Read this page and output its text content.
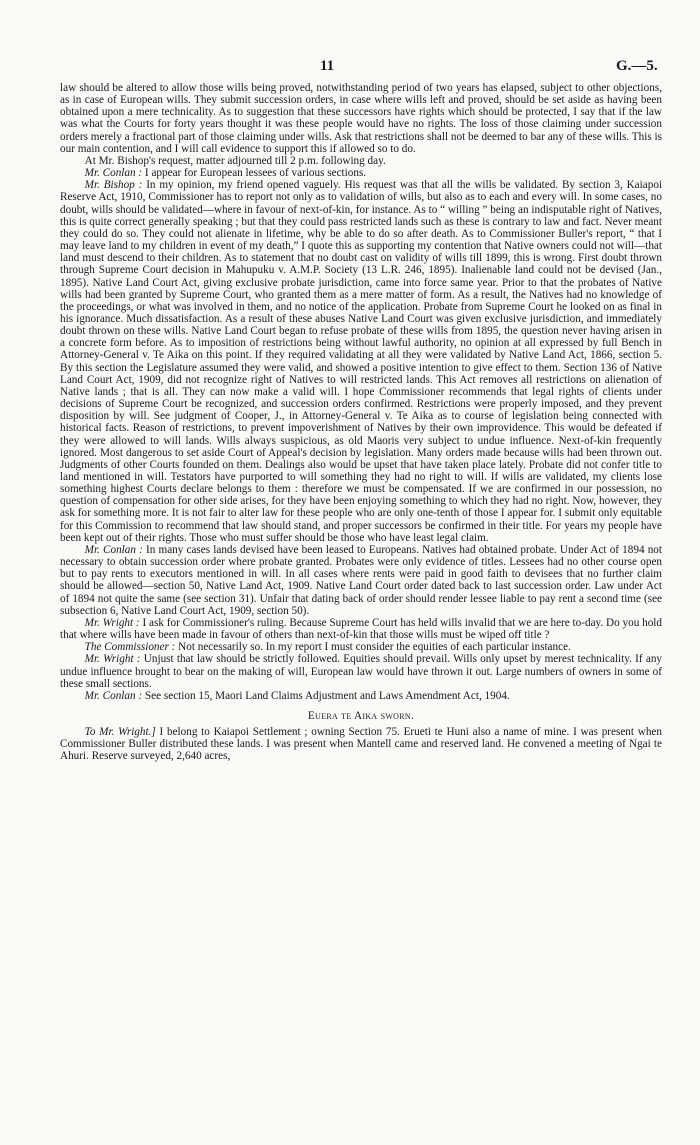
11	G.—5.

law should be altered to allow those wills being proved, notwithstanding period of two years has elapsed, subject to other objections, as in case of European wills. They submit succession orders, in case where wills left and proved, should be set aside as having been obtained upon a mere technicality. As to suggestion that these successors have rights which should be protected, I say that if the law was what the Courts for forty years thought it was these people would have no rights. The loss of those claiming under succession orders merely a fractional part of those claiming under wills. Ask that restrictions shall not be deemed to bar any of these wills. This is our main contention, and I will call evidence to support this if allowed so to do.

At Mr. Bishop's request, matter adjourned till 2 p.m. following day.

Mr. Conlan : I appear for European lessees of various sections.

Mr. Bishop : In my opinion, my friend opened vaguely. His request was that all the wills be validated. By section 3, Kaiapoi Reserve Act, 1910, Commissioner has to report not only as to validation of wills, but also as to each and every will. In some cases, no doubt, wills should be validated—where in favour of next-of-kin, for instance. As to “ willing ” being an indisputable right of Natives, this is quite correct generally speaking ; but that they could pass restricted lands such as these is contrary to law and fact. Never meant they could do so. They could not alienate in lifetime, why be able to do so after death. As to Commissioner Buller's report, “ that I may leave land to my children in event of my death,” I quote this as supporting my contention that Native owners could not will—that land must descend to their children. As to statement that no doubt cast on validity of wills till 1899, this is wrong. First doubt thrown through Supreme Court decision in Mahupuku v. A.M.P. Society (13 L.R. 246, 1895). Inalienable land could not be devised (Jan., 1895). Native Land Court Act, giving exclusive probate jurisdiction, came into force same year. Prior to that the probates of Native wills had been granted by Supreme Court, who granted them as a mere matter of form. As a result, the Natives had no knowledge of the proceedings, or what was involved in them, and no notice of the application. Probate from Supreme Court he looked on as final in his ignorance. Much dissatisfaction. As a result of these abuses Native Land Court was given exclusive jurisdiction, and immediately doubt thrown on these wills. Native Land Court began to refuse probate of these wills from 1895, the question never having arisen in a concrete form before. As to imposition of restrictions being without lawful authority, no opinion at all expressed by full Bench in Attorney-General v. Te Aika on this point. If they required validating at all they were validated by Native Land Act, 1866, section 5. By this section the Legislature assumed they were valid, and showed a positive intention to give effect to them. Section 136 of Native Land Court Act, 1909, did not recognize right of Natives to will restricted lands. This Act removes all restrictions on alienation of Native lands ; that is all. They can now make a valid will. I hope Commissioner recommends that legal rights of clients under decisions of Supreme Court be recognized, and succession orders confirmed. Restrictions were properly imposed, and they prevent disposition by will. See judgment of Cooper, J., in Attorney-General v. Te Aika as to course of legislation being connected with historical facts. Reason of restrictions, to prevent impoverishment of Natives by their own improvidence. This would be defeated if they were allowed to will lands. Wills always suspicious, as old Maoris very subject to undue influence. Next-of-kin frequently ignored. Most dangerous to set aside Court of Appeal's decision by legislation. Many orders made because wills had been thrown out. Judgments of other Courts founded on them. Dealings also would be upset that have taken place lately. Probate did not confer title to land mentioned in will. Testators have purported to will something they had no right to will. If wills are validated, my clients lose something highest Courts declare belongs to them : therefore we must be compensated. If we are confirmed in our possession, no question of compensation for other side arises, for they have been enjoying something to which they had no right. Now, however, they ask for something more. It is not fair to alter law for these people who are only one-tenth of those I appear for. I submit only equitable for this Commission to recommend that law should stand, and proper successors be confirmed in their title. For years my people have been kept out of their rights. Those who must suffer should be those who have least legal claim.

Mr. Conlan : In many cases lands devised have been leased to Europeans. Natives had obtained probate. Under Act of 1894 not necessary to obtain succession order where probate granted. Probates were only evidence of titles. Lessees had no other course open but to pay rents to executors mentioned in will. In all cases where rents were paid in good faith to devisees that no further claim should be allowed—section 50, Native Land Act, 1909. Native Land Court order dated back to last succession order. Law under Act of 1894 not quite the same (see section 31). Unfair that dating back of order should render lessee liable to pay rent a second time (see subsection 6, Native Land Court Act, 1909, section 50).

Mr. Wright : I ask for Commissioner's ruling. Because Supreme Court has held wills invalid that we are here to-day. Do you hold that where wills have been made in favour of others than next-of-kin that those wills must be wiped off title ?

The Commissioner : Not necessarily so. In my report I must consider the equities of each particular instance.

Mr. Wright : Unjust that law should be strictly followed. Equities should prevail. Wills only upset by merest technicality. If any undue influence brought to bear on the making of will, European law would have thrown it out. Large numbers of owners in some of these small sections.

Mr. Conlan : See section 15, Maori Land Claims Adjustment and Laws Amendment Act, 1904.

Euera te Aika sworn.

To Mr. Wright.] I belong to Kaiapoi Settlement ; owning Section 75. Erueti te Huni also a name of mine. I was present when Commissioner Buller distributed these lands. I was present when Mantell came and reserved land. He convened a meeting of Ngai te Ahuri. Reserve surveyed, 2,640 acres,
